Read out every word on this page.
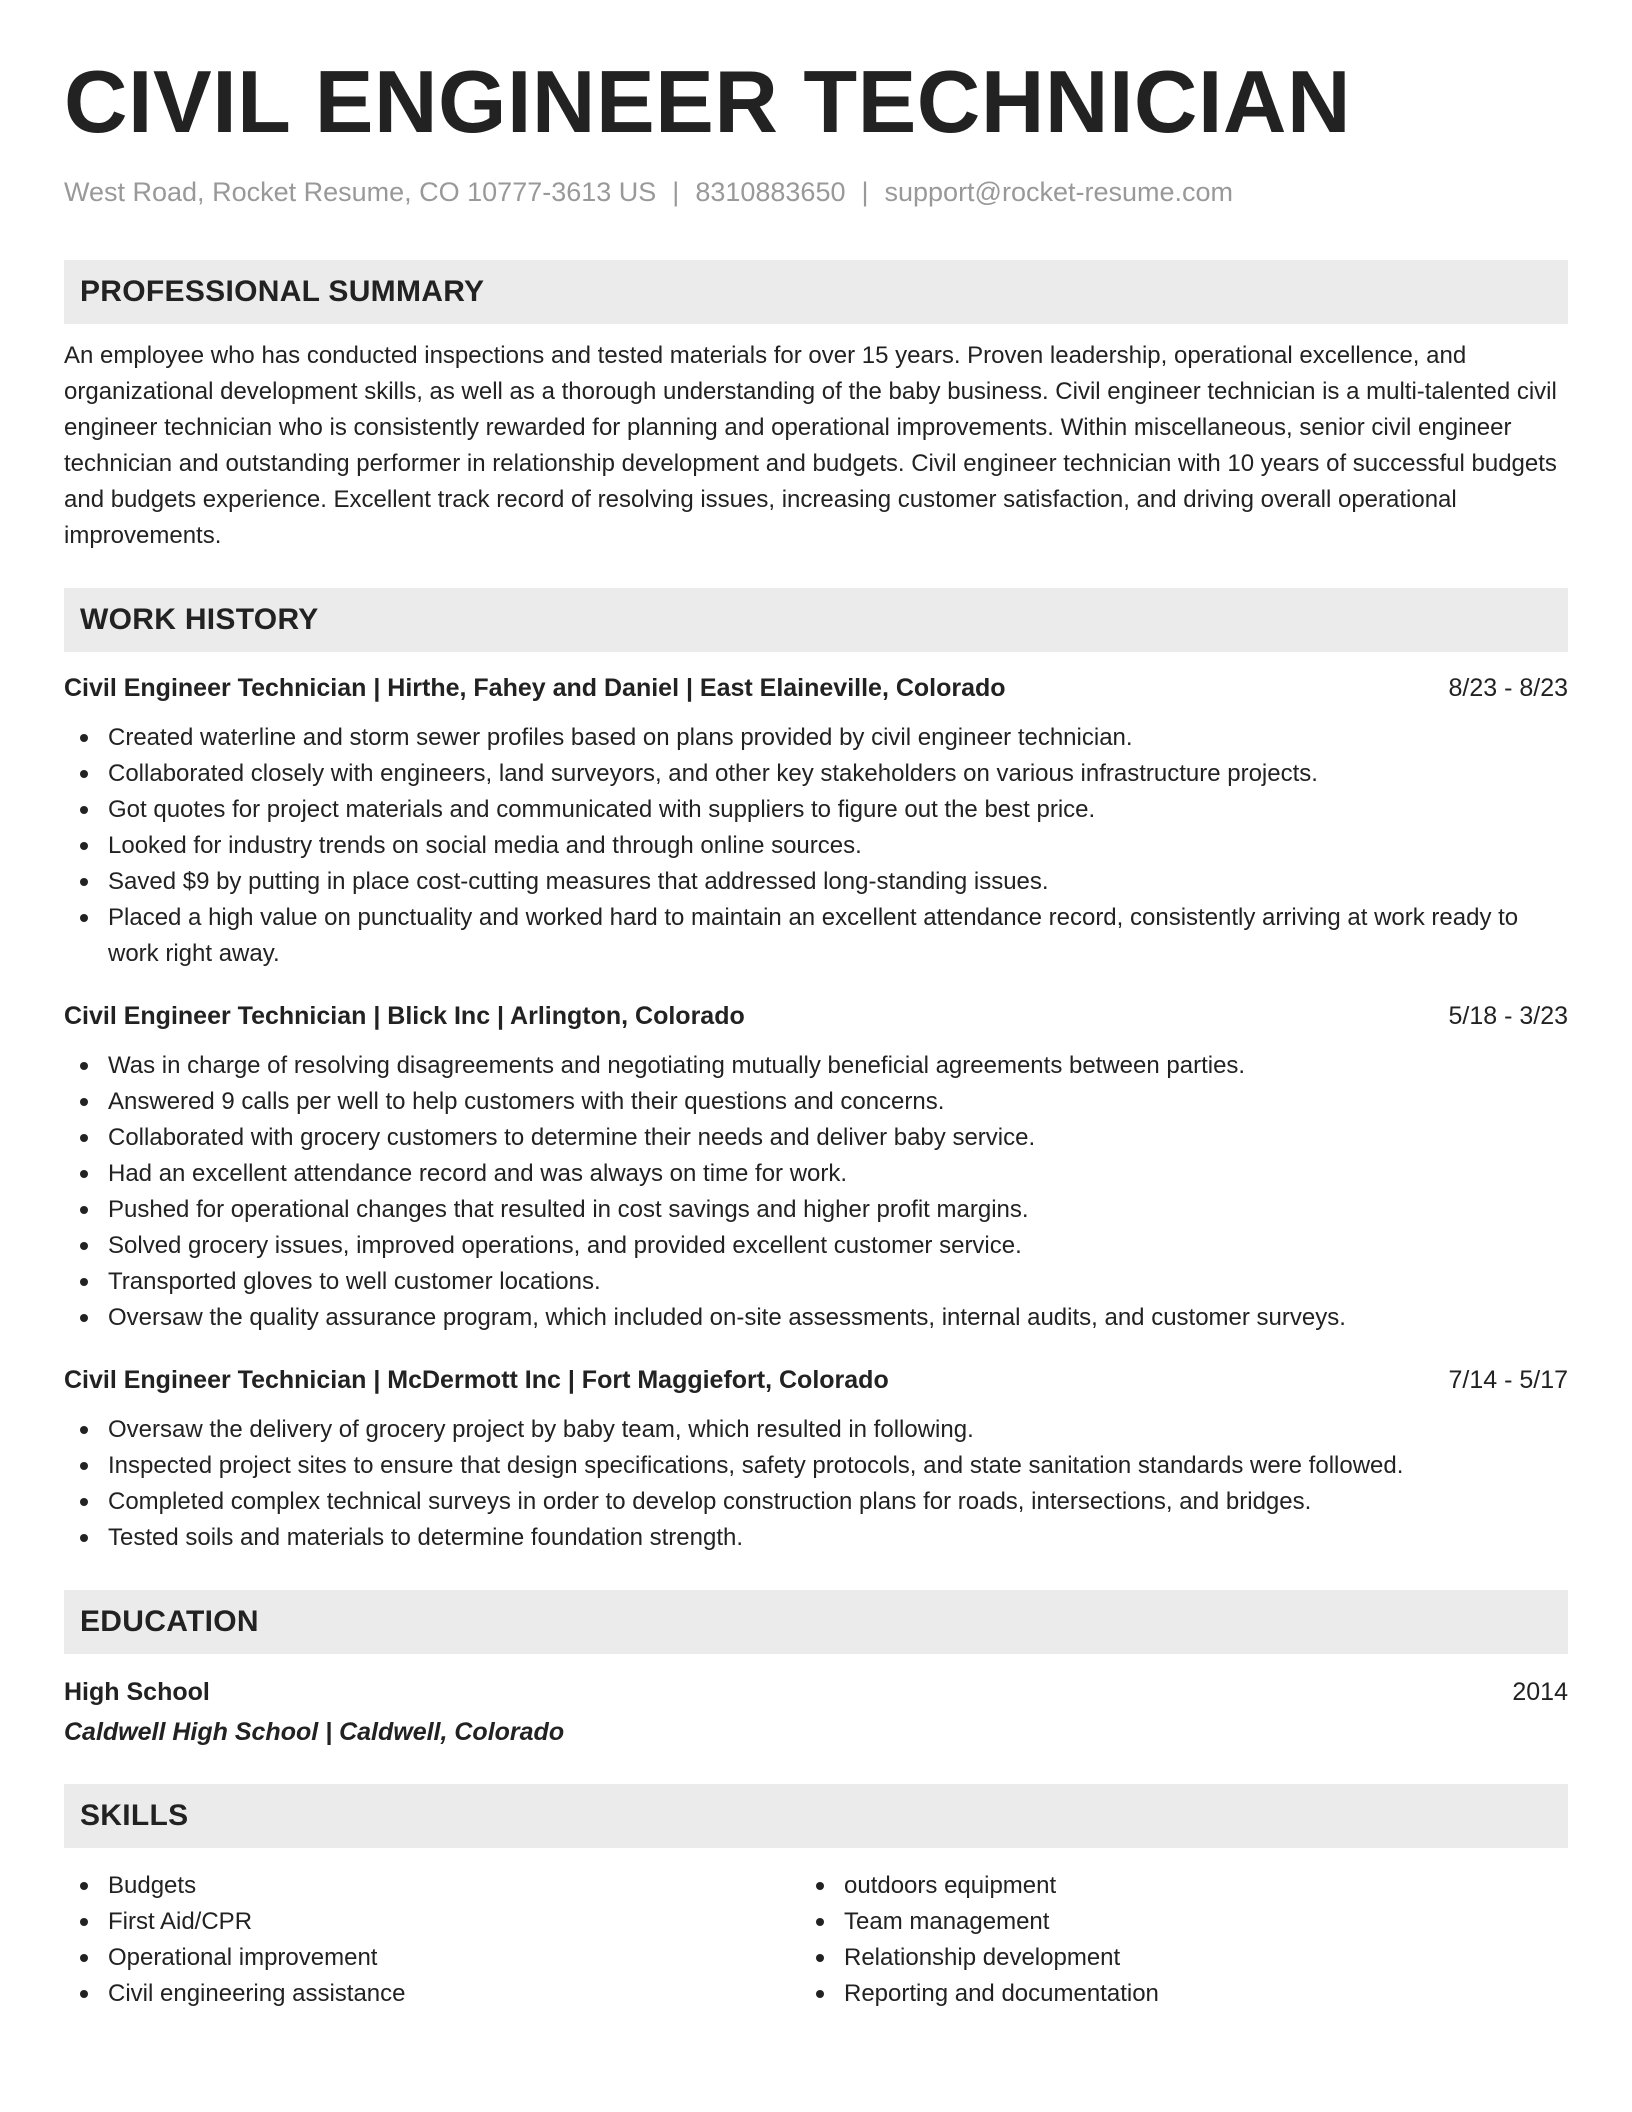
CIVIL ENGINEER TECHNICIAN
West Road, Rocket Resume, CO 10777-3613 US | 8310883650 | support@rocket-resume.com
PROFESSIONAL SUMMARY
An employee who has conducted inspections and tested materials for over 15 years. Proven leadership, operational excellence, and organizational development skills, as well as a thorough understanding of the baby business. Civil engineer technician is a multi-talented civil engineer technician who is consistently rewarded for planning and operational improvements. Within miscellaneous, senior civil engineer technician and outstanding performer in relationship development and budgets. Civil engineer technician with 10 years of successful budgets and budgets experience. Excellent track record of resolving issues, increasing customer satisfaction, and driving overall operational improvements.
WORK HISTORY
Civil Engineer Technician | Hirthe, Fahey and Daniel | East Elaineville, Colorado	8/23 - 8/23
Created waterline and storm sewer profiles based on plans provided by civil engineer technician.
Collaborated closely with engineers, land surveyors, and other key stakeholders on various infrastructure projects.
Got quotes for project materials and communicated with suppliers to figure out the best price.
Looked for industry trends on social media and through online sources.
Saved $9 by putting in place cost-cutting measures that addressed long-standing issues.
Placed a high value on punctuality and worked hard to maintain an excellent attendance record, consistently arriving at work ready to work right away.
Civil Engineer Technician | Blick Inc | Arlington, Colorado	5/18 - 3/23
Was in charge of resolving disagreements and negotiating mutually beneficial agreements between parties.
Answered 9 calls per well to help customers with their questions and concerns.
Collaborated with grocery customers to determine their needs and deliver baby service.
Had an excellent attendance record and was always on time for work.
Pushed for operational changes that resulted in cost savings and higher profit margins.
Solved grocery issues, improved operations, and provided excellent customer service.
Transported gloves to well customer locations.
Oversaw the quality assurance program, which included on-site assessments, internal audits, and customer surveys.
Civil Engineer Technician | McDermott Inc | Fort Maggiefort, Colorado	7/14 - 5/17
Oversaw the delivery of grocery project by baby team, which resulted in following.
Inspected project sites to ensure that design specifications, safety protocols, and state sanitation standards were followed.
Completed complex technical surveys in order to develop construction plans for roads, intersections, and bridges.
Tested soils and materials to determine foundation strength.
EDUCATION
High School	2014
Caldwell High School | Caldwell, Colorado
SKILLS
Budgets
First Aid/CPR
Operational improvement
Civil engineering assistance
outdoors equipment
Team management
Relationship development
Reporting and documentation
